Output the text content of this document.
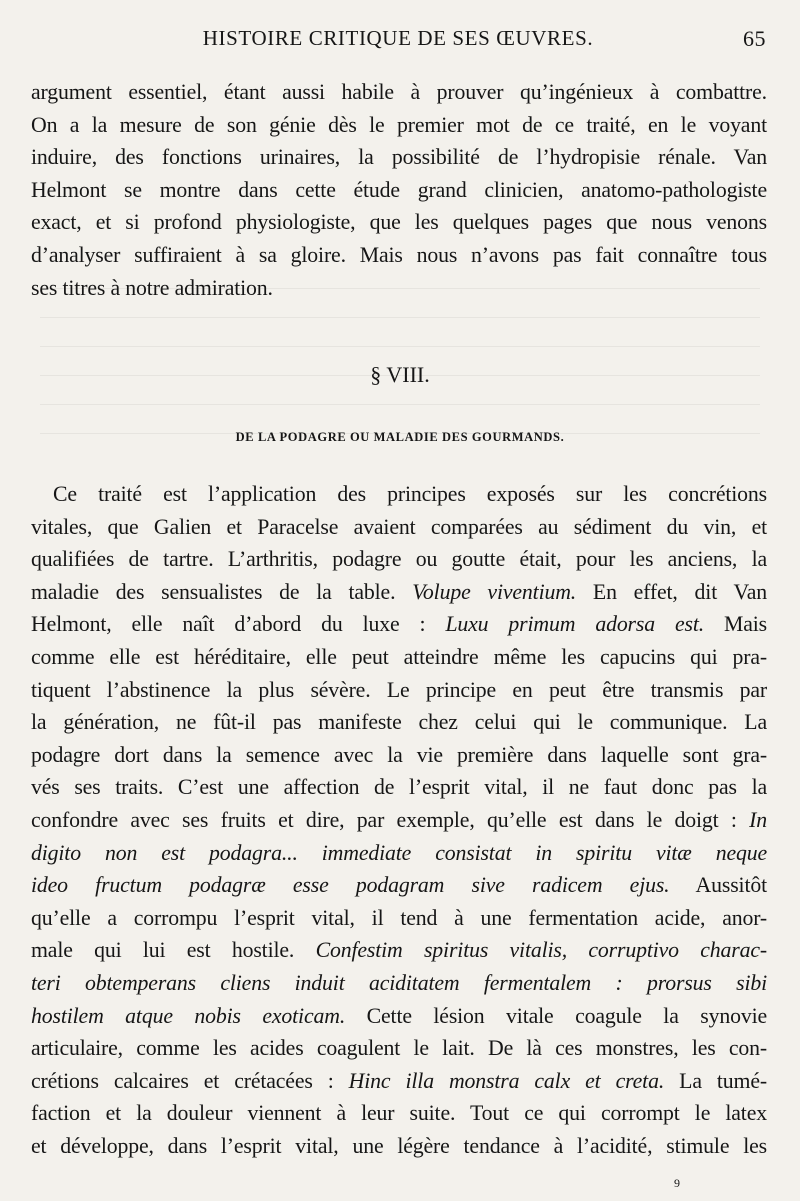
HISTOIRE CRITIQUE DE SES ŒUVRES.	65
argument essentiel, étant aussi habile à prouver qu’ingénieux à combattre.
On a la mesure de son génie dès le premier mot de ce traité, en le voyant
induire, des fonctions urinaires, la possibilité de l’hydropisie rénale. Van
Helmont se montre dans cette étude grand clinicien, anatomo-pathologiste
exact, et si profond physiologiste, que les quelques pages que nous venons
d’analyser suffiraient à sa gloire. Mais nous n’avons pas fait connaître tous
ses titres à notre admiration.
§ VIII.
DE LA PODAGRE OU MALADIE DES GOURMANDS.
Ce traité est l’application des principes exposés sur les concrétions
vitales, que Galien et Paracelse avaient comparées au sédiment du vin, et
qualifiées de tartre. L’arthritis, podagre ou goutte était, pour les anciens, la
maladie des sensualistes de la table. Volupe viventium. En effet, dit Van
Helmont, elle naît d’abord du luxe : Luxu primum adorsa est. Mais
comme elle est héréditaire, elle peut atteindre même les capucins qui pra-
tiquent l’abstinence la plus sévère. Le principe en peut être transmis par
la génération, ne fût-il pas manifeste chez celui qui le communique. La
podagre dort dans la semence avec la vie première dans laquelle sont gra-
vés ses traits. C’est une affection de l’esprit vital, il ne faut donc pas la
confondre avec ses fruits et dire, par exemple, qu’elle est dans le doigt : In
digito non est podagra... immediate consistat in spiritu vitæ neque
ideo fructum podagræ esse podagram sive radicem ejus. Aussitôt
qu’elle a corrompu l’esprit vital, il tend à une fermentation acide, anor-
male qui lui est hostile. Confestim spiritus vitalis, corruptivo charac-
teri obtemperans cliens induit aciditatem fermentalem : prorsus sibi
hostilem atque nobis exoticam. Cette lésion vitale coagule la synovie
articulaire, comme les acides coagulent le lait. De là ces monstres, les con-
crétions calcaires et crétacées : Hinc illa monstra calx et creta. La tumé-
faction et la douleur viennent à leur suite. Tout ce qui corrompt le latex
et développe, dans l’esprit vital, une légère tendance à l’acidité, stimule les
9
